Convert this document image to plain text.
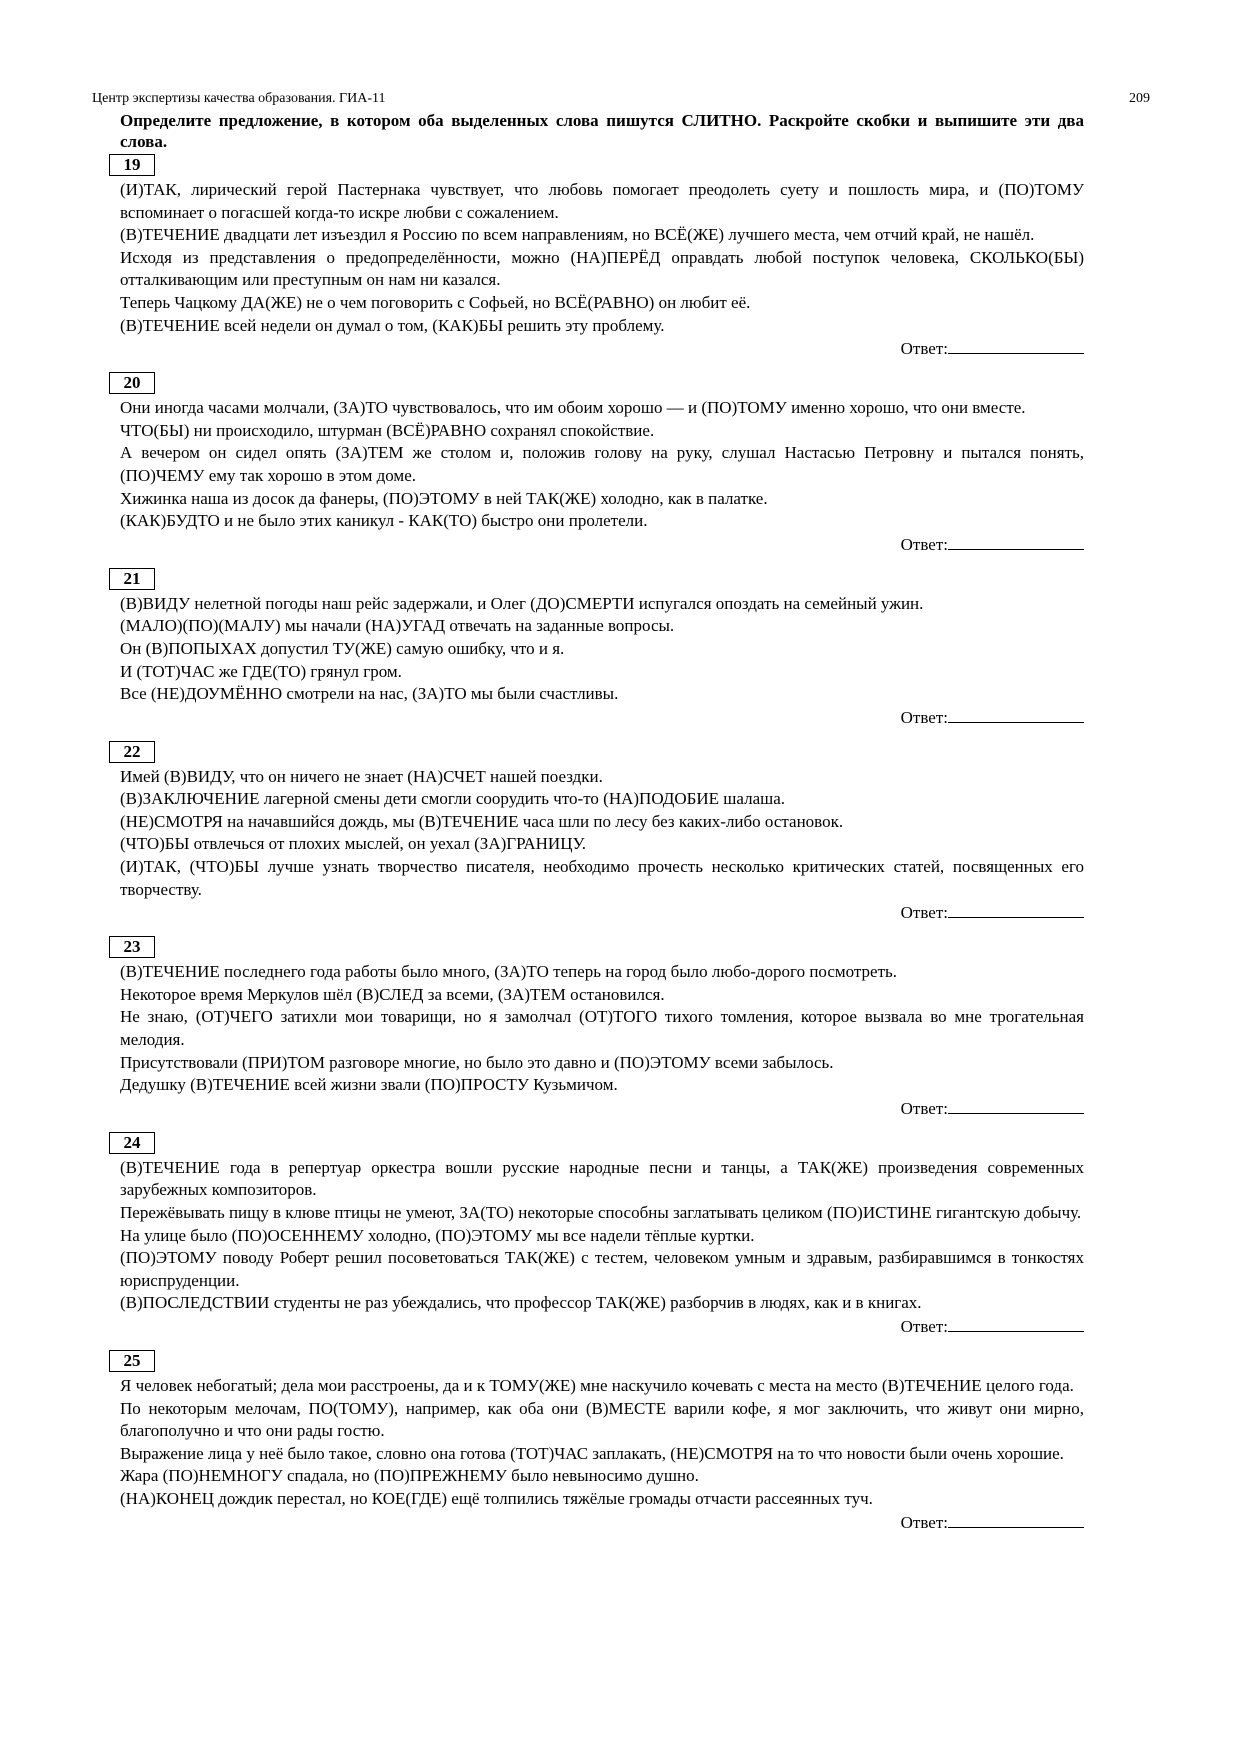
Центр экспертизы качества образования. ГИА-11	209
Определите предложение, в котором оба выделенных слова пишутся СЛИТНО. Раскройте скобки и выпишите эти два слова.
19

(И)ТАК, лирический герой Пастернака чувствует, что любовь помогает преодолеть суету и пошлость мира, и (ПО)ТОМУ вспоминает о погасшей когда-то искре любви с сожалением.

(В)ТЕЧЕНИЕ двадцати лет изъездил я Россию по всем направлениям, но ВСЁ(ЖЕ) лучшего места, чем отчий край, не нашёл.

Исходя из представления о предопределённости, можно (НА)ПЕРЁД оправдать любой поступок человека, СКОЛЬКО(БЫ) отталкивающим или преступным он нам ни казался.

Теперь Чацкому ДА(ЖЕ) не о чем поговорить с Софьей, но ВСЁ(РАВНО) он любит её.

(В)ТЕЧЕНИЕ всей недели он думал о том, (КАК)БЫ решить эту проблему.

Ответ:
20

Они иногда часами молчали, (ЗА)ТО чувствовалось, что им обоим хорошо — и (ПО)ТОМУ именно хорошо, что они вместе.

ЧТО(БЫ) ни происходило, штурман (ВСЁ)РАВНО сохранял спокойствие.

А вечером он сидел опять (ЗА)ТЕМ же столом и, положив голову на руку, слушал Настасью Петровну и пытался понять, (ПО)ЧЕМУ ему так хорошо в этом доме.

Хижинка наша из досок да фанеры, (ПО)ЭТОМУ в ней ТАК(ЖЕ) холодно, как в палатке.

(КАК)БУДТО и не было этих каникул - КАК(ТО) быстро они пролетели.

Ответ:
21

(В)ВИДУ нелетной погоды наш рейс задержали, и Олег (ДО)СМЕРТИ испугался опоздать на семейный ужин.

(МАЛО)(ПО)(МАЛУ) мы начали (НА)УГАД отвечать на заданные вопросы.

Он (В)ПОПЫХАХ допустил ТУ(ЖЕ) самую ошибку, что и я.

И (ТОТ)ЧАС же ГДЕ(ТО) грянул гром.

Все (НЕ)ДОУМЁННО смотрели на нас, (ЗА)ТО мы были счастливы.

Ответ:
22

Имей (В)ВИДУ, что он ничего не знает (НА)СЧЕТ нашей поездки.

(В)ЗАКЛЮЧЕНИЕ лагерной смены дети смогли соорудить что-то (НА)ПОДОБИЕ шалаша.

(НЕ)СМОТРЯ на начавшийся дождь, мы (В)ТЕЧЕНИЕ часа шли по лесу без каких-либо остановок.

(ЧТО)БЫ отвлечься от плохих мыслей, он уехал (ЗА)ГРАНИЦУ.

(И)ТАК, (ЧТО)БЫ лучше узнать творчество писателя, необходимо прочесть несколько критических статей, посвященных его творчеству.

Ответ:
23

(В)ТЕЧЕНИЕ последнего года работы было много, (ЗА)ТО теперь на город было любо-дорого посмотреть.

Некоторое время Меркулов шёл (В)СЛЕД за всеми, (ЗА)ТЕМ остановился.

Не знаю, (ОТ)ЧЕГО затихли мои товарищи, но я замолчал (ОТ)ТОГО тихого томления, которое вызвала во мне трогательная мелодия.

Присутствовали (ПРИ)ТОМ разговоре многие, но было это давно и (ПО)ЭТОМУ всеми забылось.

Дедушку (В)ТЕЧЕНИЕ всей жизни звали (ПО)ПРОСТУ Кузьмичом.

Ответ:
24

(В)ТЕЧЕНИЕ года в репертуар оркестра вошли русские народные песни и танцы, а ТАК(ЖЕ) произведения современных зарубежных композиторов.

Пережёвывать пищу в клюве птицы не умеют, ЗА(ТО) некоторые способны заглатывать целиком (ПО)ИСТИНЕ гигантскую добычу.

На улице было (ПО)ОСЕННЕМУ холодно, (ПО)ЭТОМУ мы все надели тёплые куртки.

(ПО)ЭТОМУ поводу Роберт решил посоветоваться ТАК(ЖЕ) с тестем, человеком умным и здравым, разбиравшимся в тонкостях юриспруденции.

(В)ПОСЛЕДСТВИИ студенты не раз убеждались, что профессор ТАК(ЖЕ) разборчив в людях, как и в книгах.

Ответ:
25

Я человек небогатый; дела мои расстроены, да и к ТОМУ(ЖЕ) мне наскучило кочевать с места на место (В)ТЕЧЕНИЕ целого года.

По некоторым мелочам, ПО(ТОМУ), например, как оба они (В)МЕСТЕ варили кофе, я мог заключить, что живут они мирно, благополучно и что они рады гостю.

Выражение лица у неё было такое, словно она готова (ТОТ)ЧАС заплакать, (НЕ)СМОТРЯ на то что новости были очень хорошие.

Жара (ПО)НЕМНОГУ спадала, но (ПО)ПРЕЖНЕМУ было невыносимо душно.

(НА)КОНЕЦ дождик перестал, но КОЕ(ГДЕ) ещё толпились тяжёлые громады отчасти рассеянных туч.

Ответ:
